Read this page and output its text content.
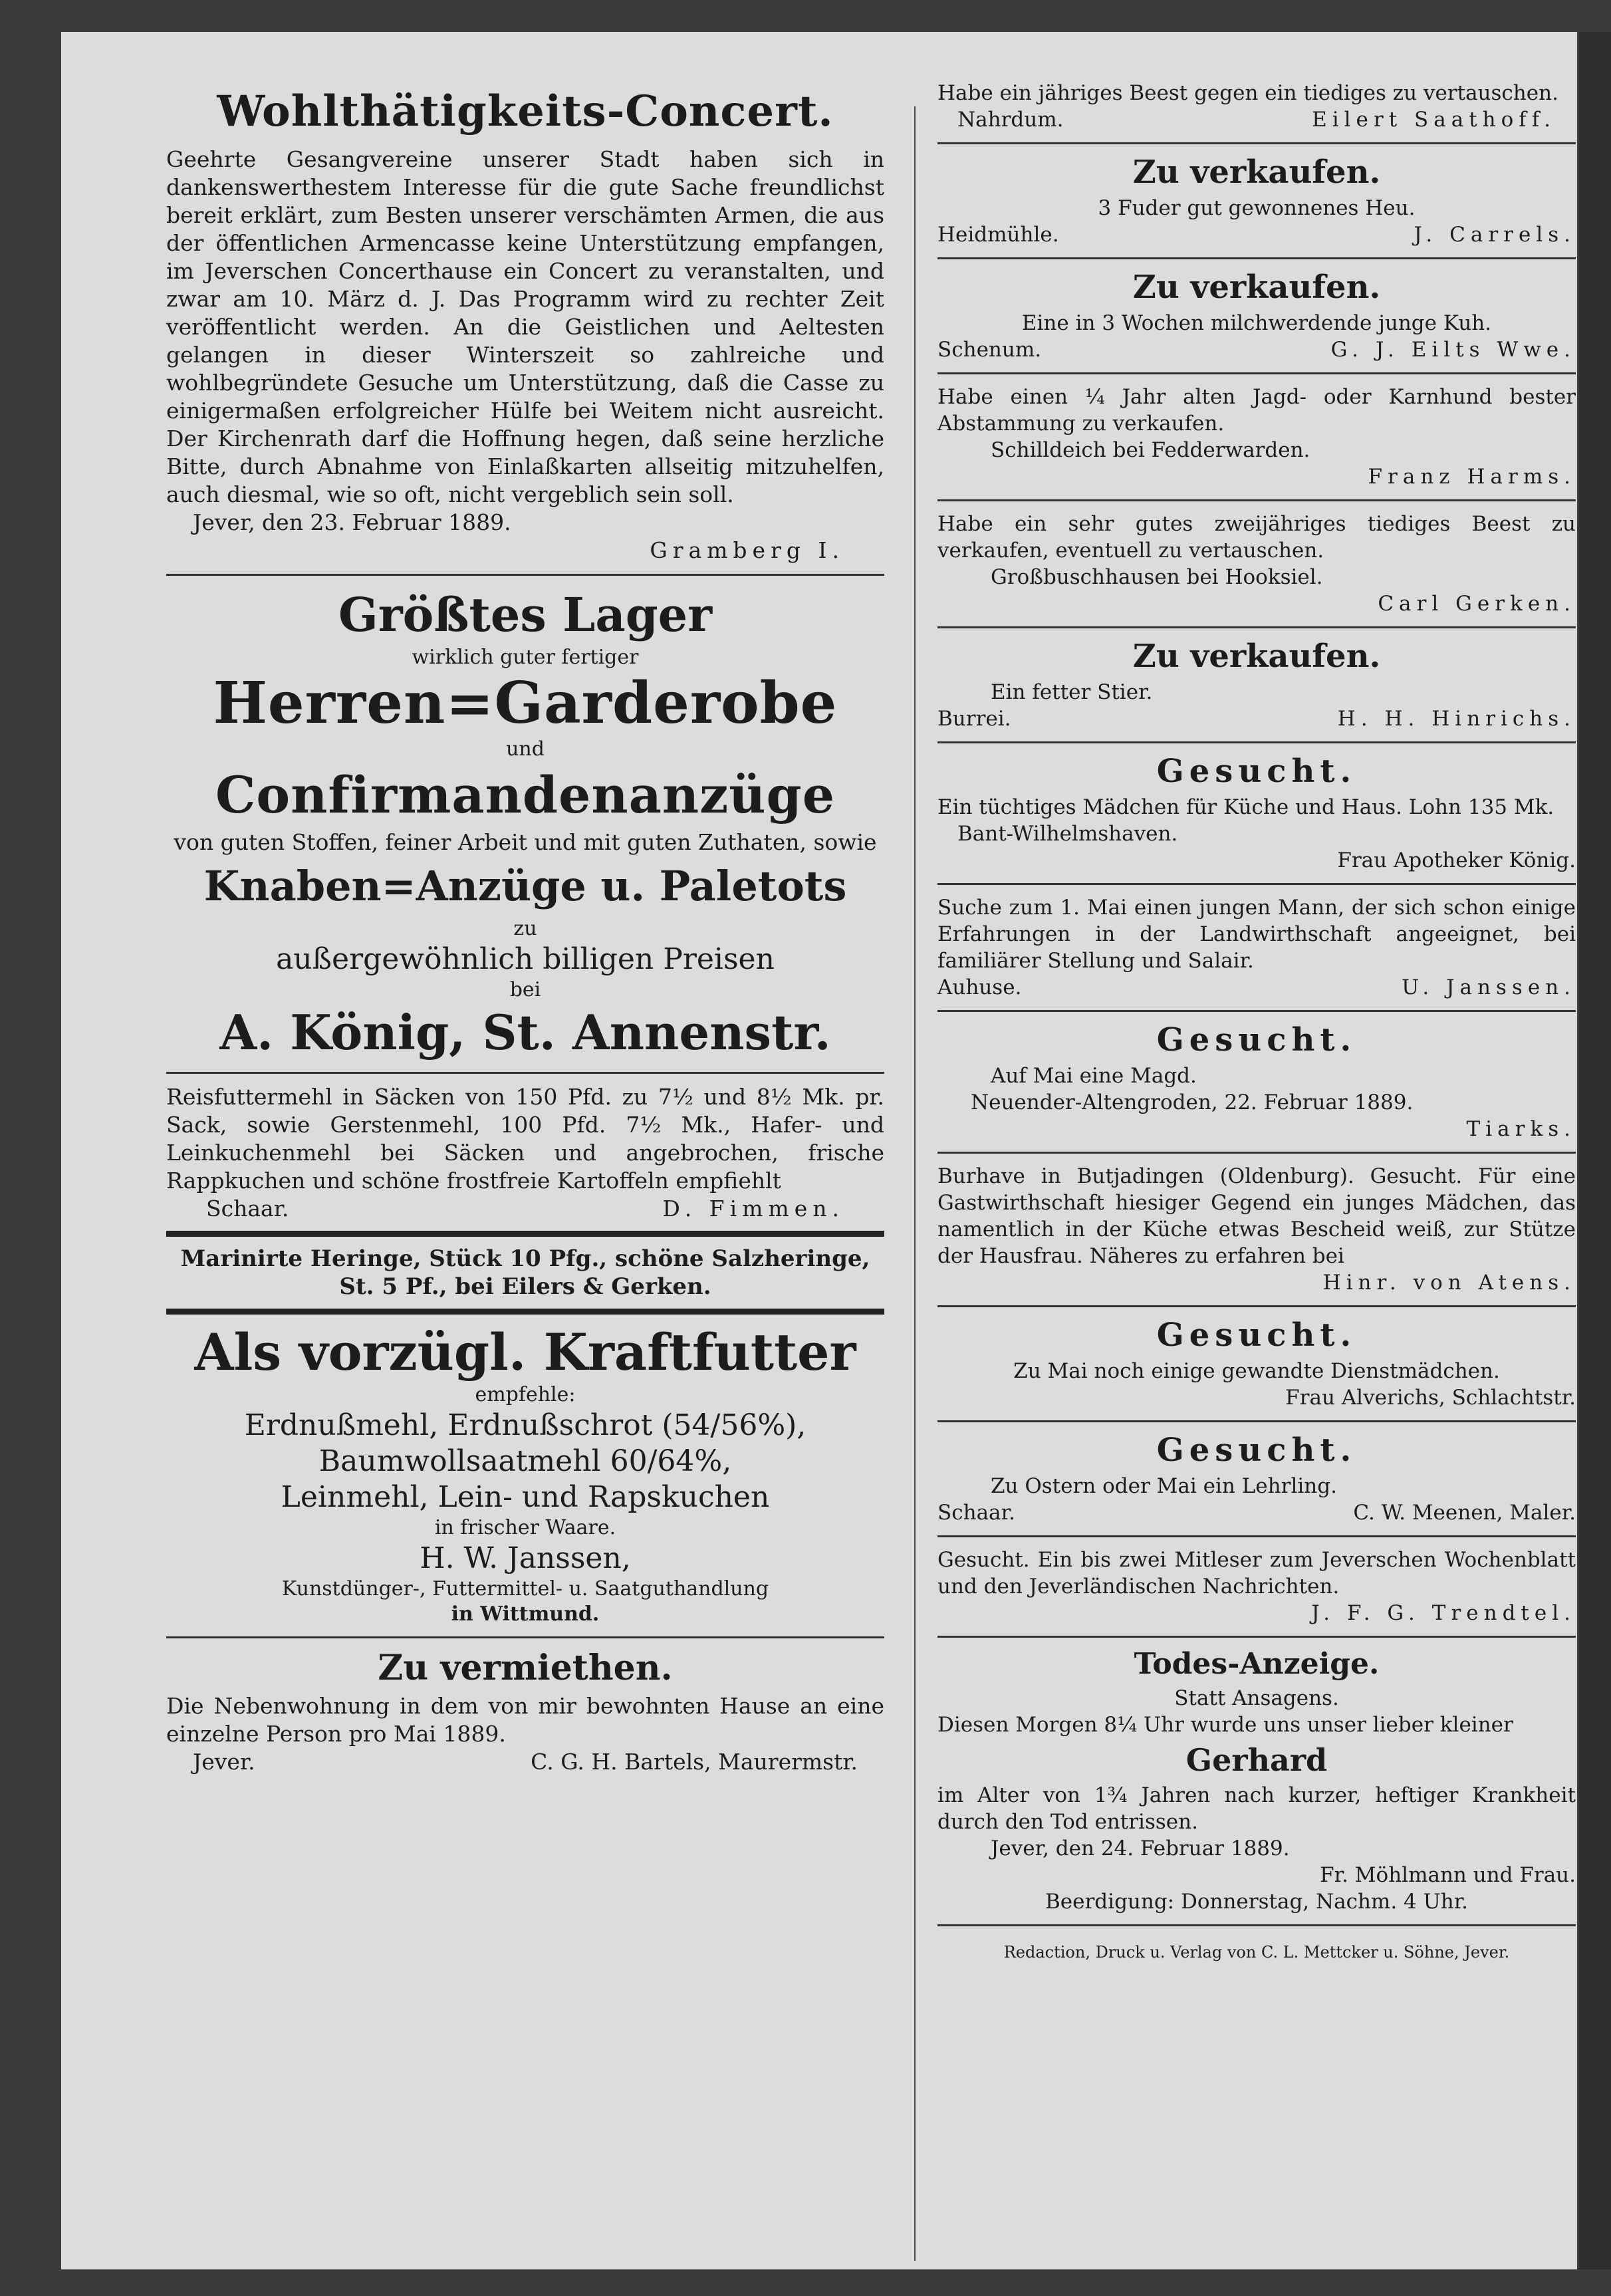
Wohlthätigkeits-Concert.

Geehrte Gesangvereine unserer Stadt haben sich in dankenswerthestem Interesse für die gute Sache freundlichst bereit erklärt, zum Besten unserer verschämten Armen, die aus der öffentlichen Armencasse keine Unterstützung empfangen, im Jeverschen Concerthause ein Concert zu veranstalten, und zwar am 10. März d. J. Das Programm wird zu rechter Zeit veröffentlicht werden. An die Geistlichen und Aeltesten gelangen in dieser Winterszeit so zahlreiche und wohlbegründete Gesuche um Unterstützung, daß die Casse zu einigermaßen erfolgreicher Hülfe bei Weitem nicht ausreicht. Der Kirchenrath darf die Hoffnung hegen, daß seine herzliche Bitte, durch Abnahme von Einlaßkarten allseitig mitzuhelfen, auch diesmal, wie so oft, nicht vergeblich sein soll.

Jever, den 23. Februar 1889.

Gramberg I.

Größtes Lager
wirklich guter fertiger
Herren=Garderobe
und
Confirmandenanzüge

von guten Stoffen, feiner Arbeit und mit guten Zuthaten, sowie

Knaben=Anzüge u. Paletots
zu
außergewöhnlich billigen Preisen
bei
A. König, St. Annenstr.

Reisfuttermehl in Säcken von 150 Pfd. zu 7½ und 8½ Mk. pr. Sack, sowie Gerstenmehl, 100 Pfd. 7½ Mk., Hafer- und Leinkuchenmehl bei Säcken und angebrochen, frische Rappkuchen und schöne frostfreie Kartoffeln empfiehlt

Schaar.	D. Fimmen.

Marinirte Heringe, Stück 10 Pfg., schöne Salzheringe, St. 5 Pf., bei Eilers & Gerken.

Als vorzügl. Kraftfutter
empfehle:
Erdnußmehl, Erdnußschrot (54/56%),
Baumwollsaatmehl 60/64%,
Leinmehl, Lein- und Rapskuchen
in frischer Waare.
H. W. Janssen,
Kunstdünger-, Futtermittel- u. Saatguthandlung
in Wittmund.
Zu vermiethen.

Die Nebenwohnung in dem von mir bewohnten Hause an eine einzelne Person pro Mai 1889.

Jever.	C. G. H. Bartels, Maurermstr.

Habe ein jähriges Beest gegen ein tiediges zu vertauschen.

Nahrdum.	Eilert Saathoff.
Zu verkaufen.

3 Fuder gut gewonnenes Heu.

Heidmühle.	J. Carrels.
Zu verkaufen.

Eine in 3 Wochen milchwerdende junge Kuh.

Schenum.	G. J. Eilts Wwe.

Habe einen ¼ Jahr alten Jagd- oder Karnhund bester Abstammung zu verkaufen.

Schilldeich bei Fedderwarden.

Franz Harms.

Habe ein sehr gutes zweijähriges tiediges Beest zu verkaufen, eventuell zu vertauschen.

Großbuschhausen bei Hooksiel.

Carl Gerken.

Zu verkaufen.

Ein fetter Stier.

Burrei.	H. H. Hinrichs.
Gesucht.

Ein tüchtiges Mädchen für Küche und Haus. Lohn 135 Mk.

Bant-Wilhelmshaven.

Frau Apotheker König.

Suche zum 1. Mai einen jungen Mann, der sich schon einige Erfahrungen in der Landwirthschaft angeeignet, bei familiärer Stellung und Salair.

Auhuse.	U. Janssen.
Gesucht.

Auf Mai eine Magd.

Neuender-Altengroden, 22. Februar 1889.

Tiarks.

Burhave in Butjadingen (Oldenburg). Gesucht. Für eine Gastwirthschaft hiesiger Gegend ein junges Mädchen, das namentlich in der Küche etwas Bescheid weiß, zur Stütze der Hausfrau. Näheres zu erfahren bei

Hinr. von Atens.

Gesucht.

Zu Mai noch einige gewandte Dienstmädchen.

Frau Alverichs, Schlachtstr.

Gesucht.

Zu Ostern oder Mai ein Lehrling.

Schaar.	C. W. Meenen, Maler.

Gesucht. Ein bis zwei Mitleser zum Jeverschen Wochenblatt und den Jeverländischen Nachrichten.

J. F. G. Trendtel.

Todes-Anzeige.

Statt Ansagens.

Diesen Morgen 8¼ Uhr wurde uns unser lieber kleiner

Gerhard

im Alter von 1¾ Jahren nach kurzer, heftiger Krankheit durch den Tod entrissen.

Jever, den 24. Februar 1889.

Fr. Möhlmann und Frau.

Beerdigung: Donnerstag, Nachm. 4 Uhr.

Redaction, Druck u. Verlag von C. L. Mettcker u. Söhne, Jever.
